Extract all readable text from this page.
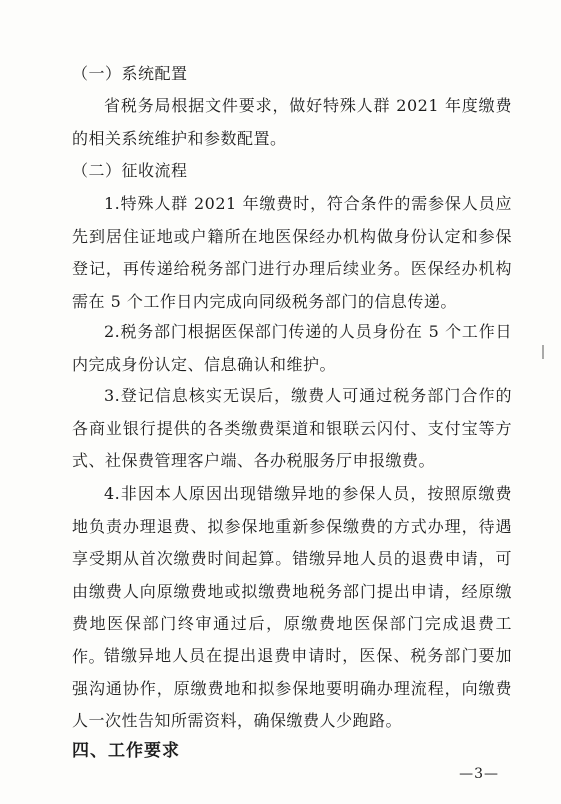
（一）系统配置

省税务局根据文件要求，做好特殊人群 2021 年度缴费的相关系统维护和参数配置。

（二）征收流程

1.特殊人群 2021 年缴费时，符合条件的需参保人员应先到居住证地或户籍所在地医保经办机构做身份认定和参保登记，再传递给税务部门进行办理后续业务。医保经办机构需在 5 个工作日内完成向同级税务部门的信息传递。

2.税务部门根据医保部门传递的人员身份在 5 个工作日内完成身份认定、信息确认和维护。

3.登记信息核实无误后，缴费人可通过税务部门合作的各商业银行提供的各类缴费渠道和银联云闪付、支付宝等方式、社保费管理客户端、各办税服务厅申报缴费。

4.非因本人原因出现错缴异地的参保人员，按照原缴费地负责办理退费、拟参保地重新参保缴费的方式办理，待遇享受期从首次缴费时间起算。错缴异地人员的退费申请，可由缴费人向原缴费地或拟缴费地税务部门提出申请，经原缴费地医保部门终审通过后，原缴费地医保部门完成退费工作。

错缴异地人员在提出退费申请时，医保、税务部门要加强沟通协作，原缴费地和拟参保地要明确办理流程，向缴费人一次性告知所需资料，确保缴费人少跑路。

四、工作要求

—3—
